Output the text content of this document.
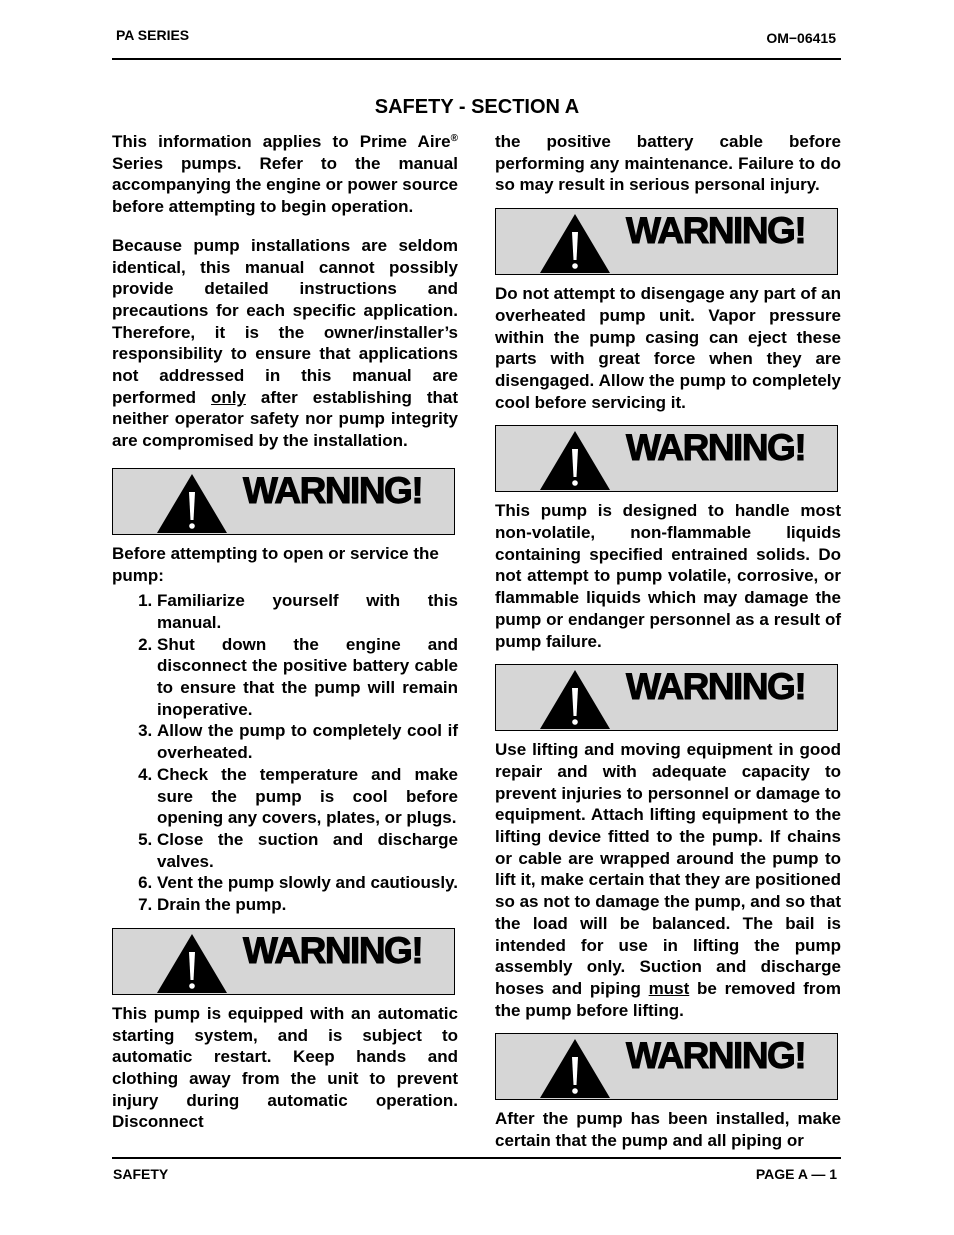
PA SERIES	OM−06415
SAFETY - SECTION A

This information applies to Prime Aire® Series pumps. Refer to the manual accompanying the engine or power source before attempting to begin operation.

Because pump installations are seldom identical, this manual cannot possibly provide detailed instructions and precautions for each specific application. Therefore, it is the owner/installer’s responsibility to ensure that applications not addressed in this manual are performed only after establishing that neither operator safety nor pump integrity are compromised by the installation.

WARNING!

Before attempting to open or service the pump:

1. Familiarize yourself with this manual.
2. Shut down the engine and disconnect the positive battery cable to ensure that the pump will remain inoperative.
3. Allow the pump to completely cool if overheated.
4. Check the temperature and make sure the pump is cool before opening any covers, plates, or plugs.
5. Close the suction and discharge valves.
6. Vent the pump slowly and cautiously.
7. Drain the pump.
WARNING!

This pump is equipped with an automatic starting system, and is subject to automatic restart. Keep hands and clothing away from the unit to prevent injury during automatic operation. Disconnect

the positive battery cable before performing any maintenance. Failure to do so may result in serious personal injury.

WARNING!

Do not attempt to disengage any part of an overheated pump unit. Vapor pressure within the pump casing can eject these parts with great force when they are disengaged. Allow the pump to completely cool before servicing it.

WARNING!

This pump is designed to handle most non-volatile, non-flammable liquids containing specified entrained solids. Do not attempt to pump volatile, corrosive, or flammable liquids which may damage the pump or endanger personnel as a result of pump failure.

WARNING!

Use lifting and moving equipment in good repair and with adequate capacity to prevent injuries to personnel or damage to equipment. Attach lifting equipment to the lifting device fitted to the pump. If chains or cable are wrapped around the pump to lift it, make certain that they are positioned so as not to damage the pump, and so that the load will be balanced. The bail is intended for use in lifting the pump assembly only. Suction and discharge hoses and piping must be removed from the pump before lifting.

WARNING!

After the pump has been installed, make certain that the pump and all piping or

SAFETY	PAGE A — 1
